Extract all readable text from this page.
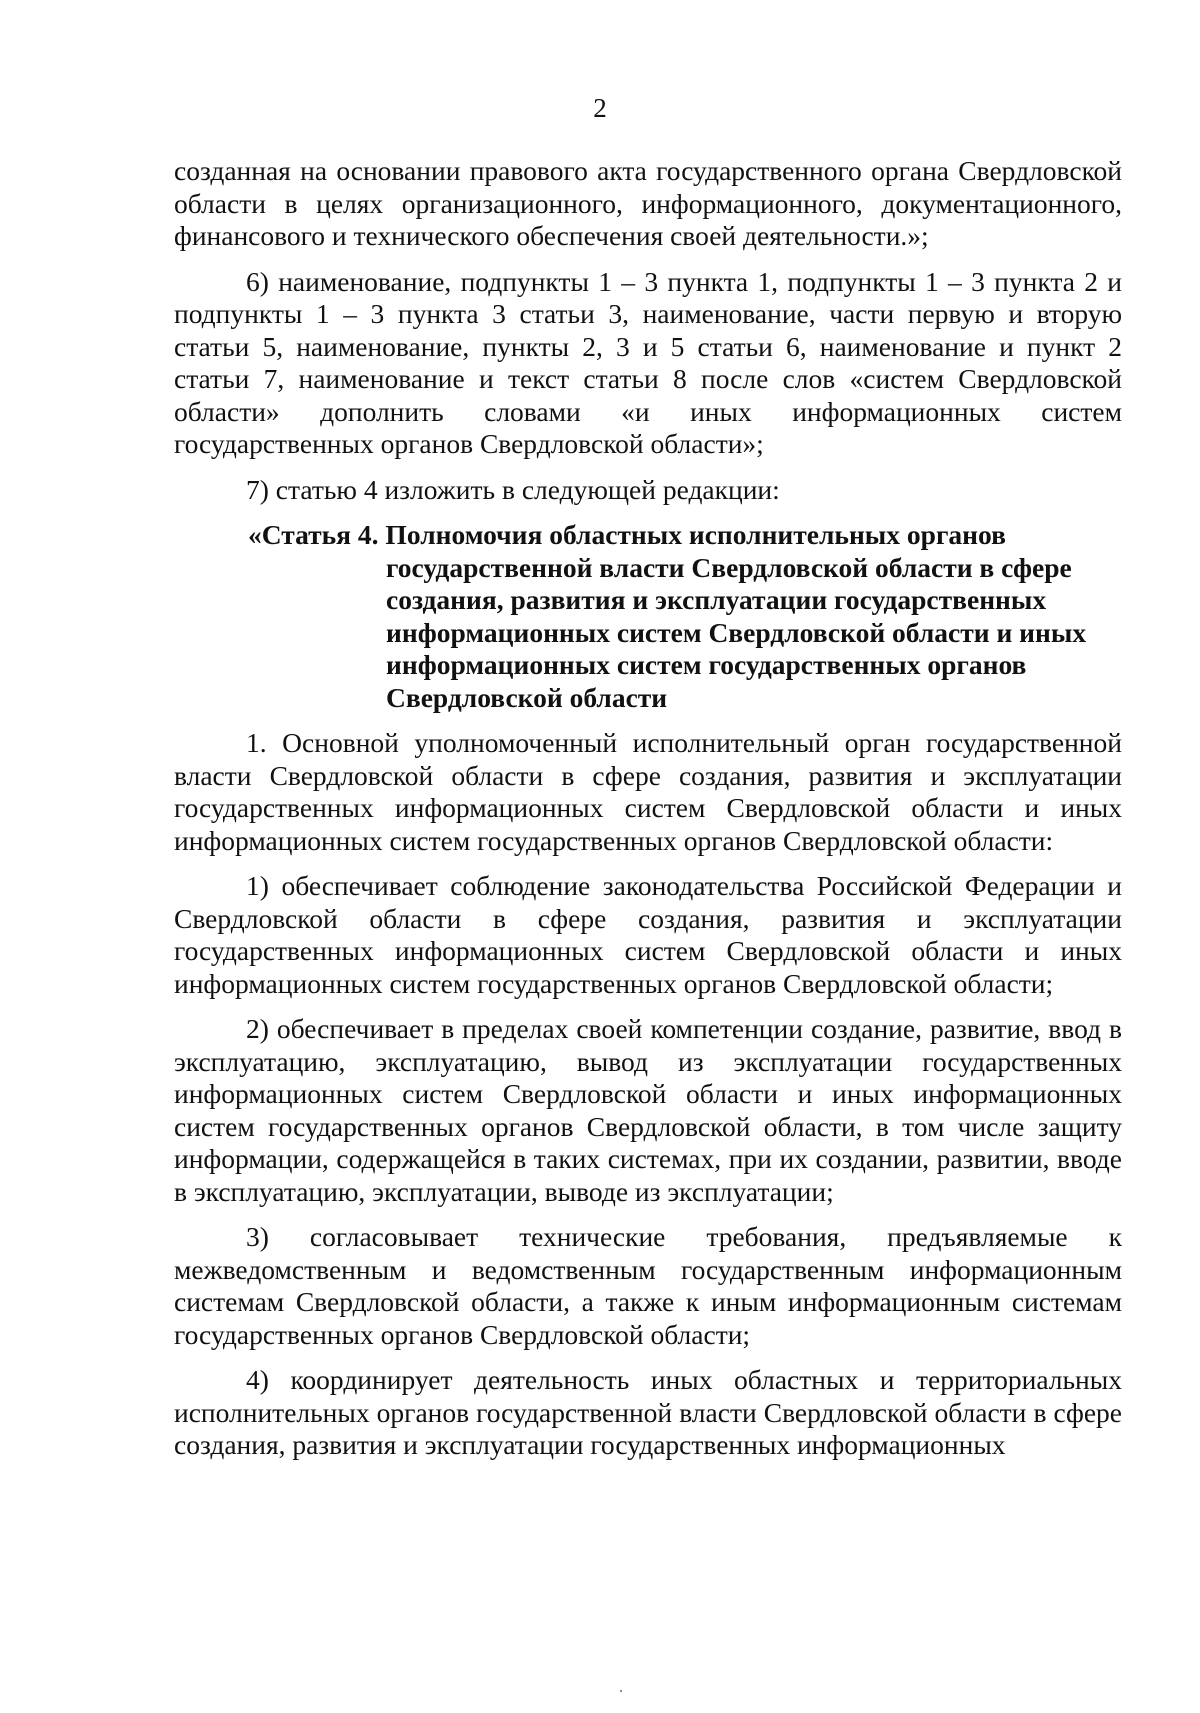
2

созданная на основании правового акта государственного органа Свердловской области в целях организационного, информационного, документационного, финансового и технического обеспечения своей деятельности.»;

6) наименование, подпункты 1 – 3 пункта 1, подпункты 1 – 3 пункта 2 и подпункты 1 – 3 пункта 3 статьи 3, наименование, части первую и вторую статьи 5, наименование, пункты 2, 3 и 5 статьи 6, наименование и пункт 2 статьи 7, наименование и текст статьи 8 после слов «систем Свердловской области» дополнить словами «и иных информационных систем государственных органов Свердловской области»;

7) статью 4 изложить в следующей редакции:

«Статья 4. Полномочия областных исполнительных органов государственной власти Свердловской области в сфере создания, развития и эксплуатации государственных информационных систем Свердловской области и иных информационных систем государственных органов Свердловской области

1. Основной уполномоченный исполнительный орган государственной власти Свердловской области в сфере создания, развития и эксплуатации государственных информационных систем Свердловской области и иных информационных систем государственных органов Свердловской области:

1) обеспечивает соблюдение законодательства Российской Федерации и Свердловской области в сфере создания, развития и эксплуатации государственных информационных систем Свердловской области и иных информационных систем государственных органов Свердловской области;

2) обеспечивает в пределах своей компетенции создание, развитие, ввод в эксплуатацию, эксплуатацию, вывод из эксплуатации государственных информационных систем Свердловской области и иных информационных систем государственных органов Свердловской области, в том числе защиту информации, содержащейся в таких системах, при их создании, развитии, вводе в эксплуатацию, эксплуатации, выводе из эксплуатации;

3) согласовывает технические требования, предъявляемые к межведомственным и ведомственным государственным информационным системам Свердловской области, а также к иным информационным системам государственных органов Свердловской области;

4) координирует деятельность иных областных и территориальных исполнительных органов государственной власти Свердловской области в сфере создания, развития и эксплуатации государственных информационных
